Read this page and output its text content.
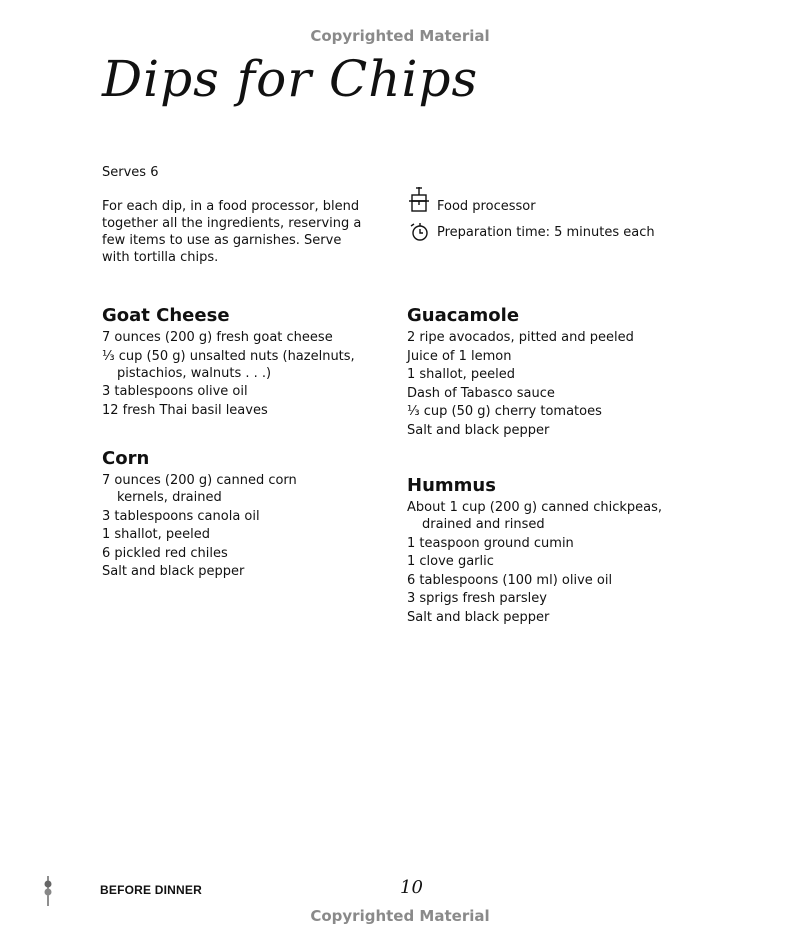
Copyrighted Material
Dips for Chips
Serves 6
For each dip, in a food processor, blend together all the ingredients, reserving a few items to use as garnishes. Serve with tortilla chips.
Food processor
Preparation time: 5 minutes each
Goat Cheese
7 ounces (200 g) fresh goat cheese
⅓ cup (50 g) unsalted nuts (hazelnuts, pistachios, walnuts . . .)
3 tablespoons olive oil
12 fresh Thai basil leaves
Corn
7 ounces (200 g) canned corn kernels, drained
3 tablespoons canola oil
1 shallot, peeled
6 pickled red chiles
Salt and black pepper
Guacamole
2 ripe avocados, pitted and peeled
Juice of 1 lemon
1 shallot, peeled
Dash of Tabasco sauce
⅓ cup (50 g) cherry tomatoes
Salt and black pepper
Hummus
About 1 cup (200 g) canned chickpeas, drained and rinsed
1 teaspoon ground cumin
1 clove garlic
6 tablespoons (100 ml) olive oil
3 sprigs fresh parsley
Salt and black pepper
BEFORE DINNER	10
Copyrighted Material
